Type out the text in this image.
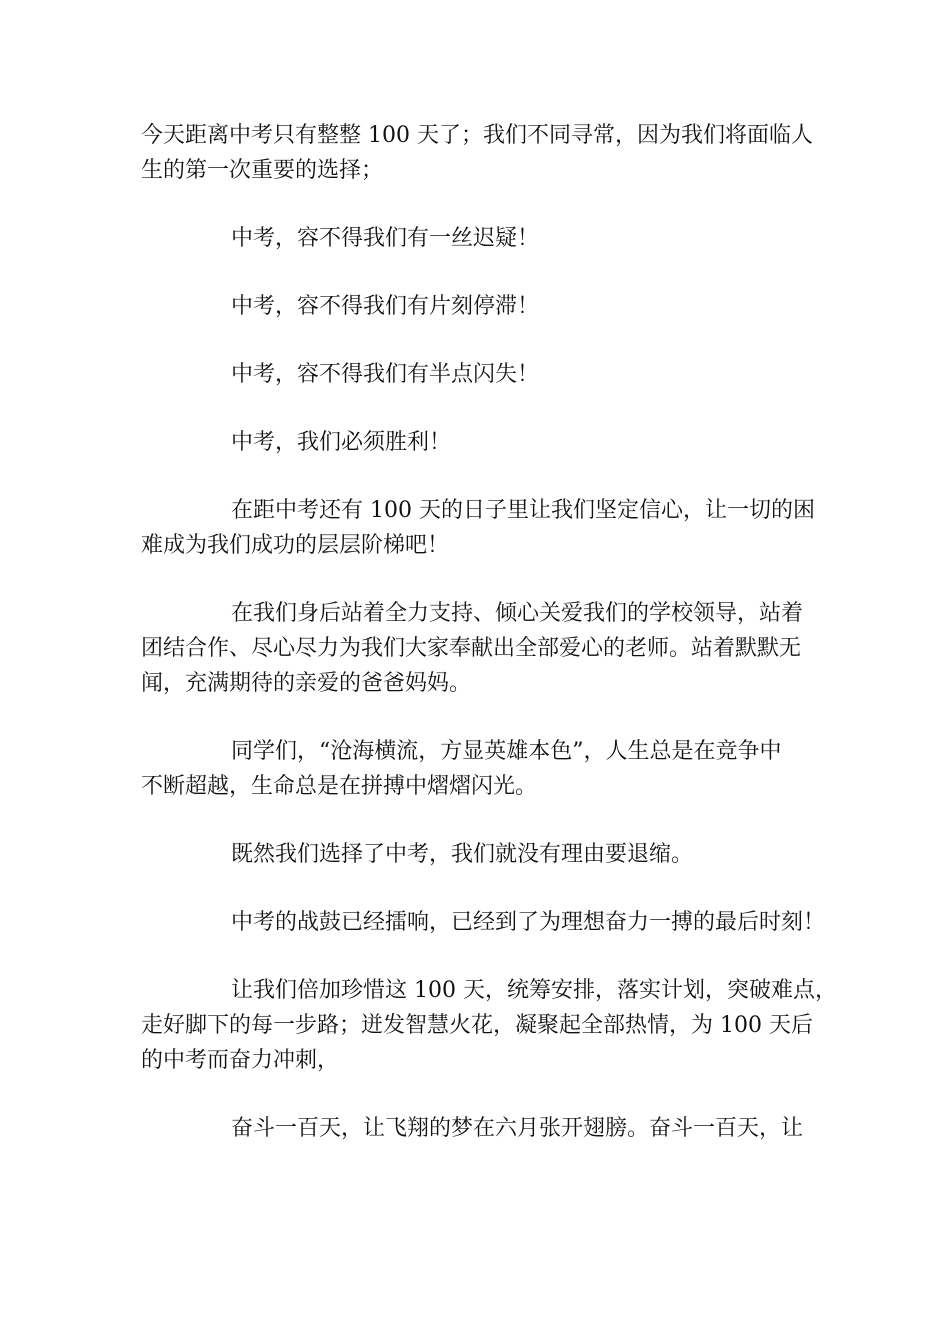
今天距离中考只有整整 100 天了；我们不同寻常，因为我们将面临人
生的第一次重要的选择；

中考，容不得我们有一丝迟疑！

中考，容不得我们有片刻停滞！

中考，容不得我们有半点闪失！

中考，我们必须胜利！

在距中考还有 100 天的日子里让我们坚定信心，让一切的困
难成为我们成功的层层阶梯吧！

在我们身后站着全力支持、倾心关爱我们的学校领导，站着
团结合作、尽心尽力为我们大家奉献出全部爱心的老师。站着默默无
闻，充满期待的亲爱的爸爸妈妈。

同学们，“沧海横流，方显英雄本色”，人生总是在竞争中
不断超越，生命总是在拼搏中熠熠闪光。

既然我们选择了中考，我们就没有理由要退缩。

中考的战鼓已经擂响，已经到了为理想奋力一搏的最后时刻！

让我们倍加珍惜这 100 天，统筹安排，落实计划，突破难点，
走好脚下的每一步路；迸发智慧火花，凝聚起全部热情，为 100 天后
的中考而奋力冲刺，

奋斗一百天，让飞翔的梦在六月张开翅膀。奋斗一百天，让
